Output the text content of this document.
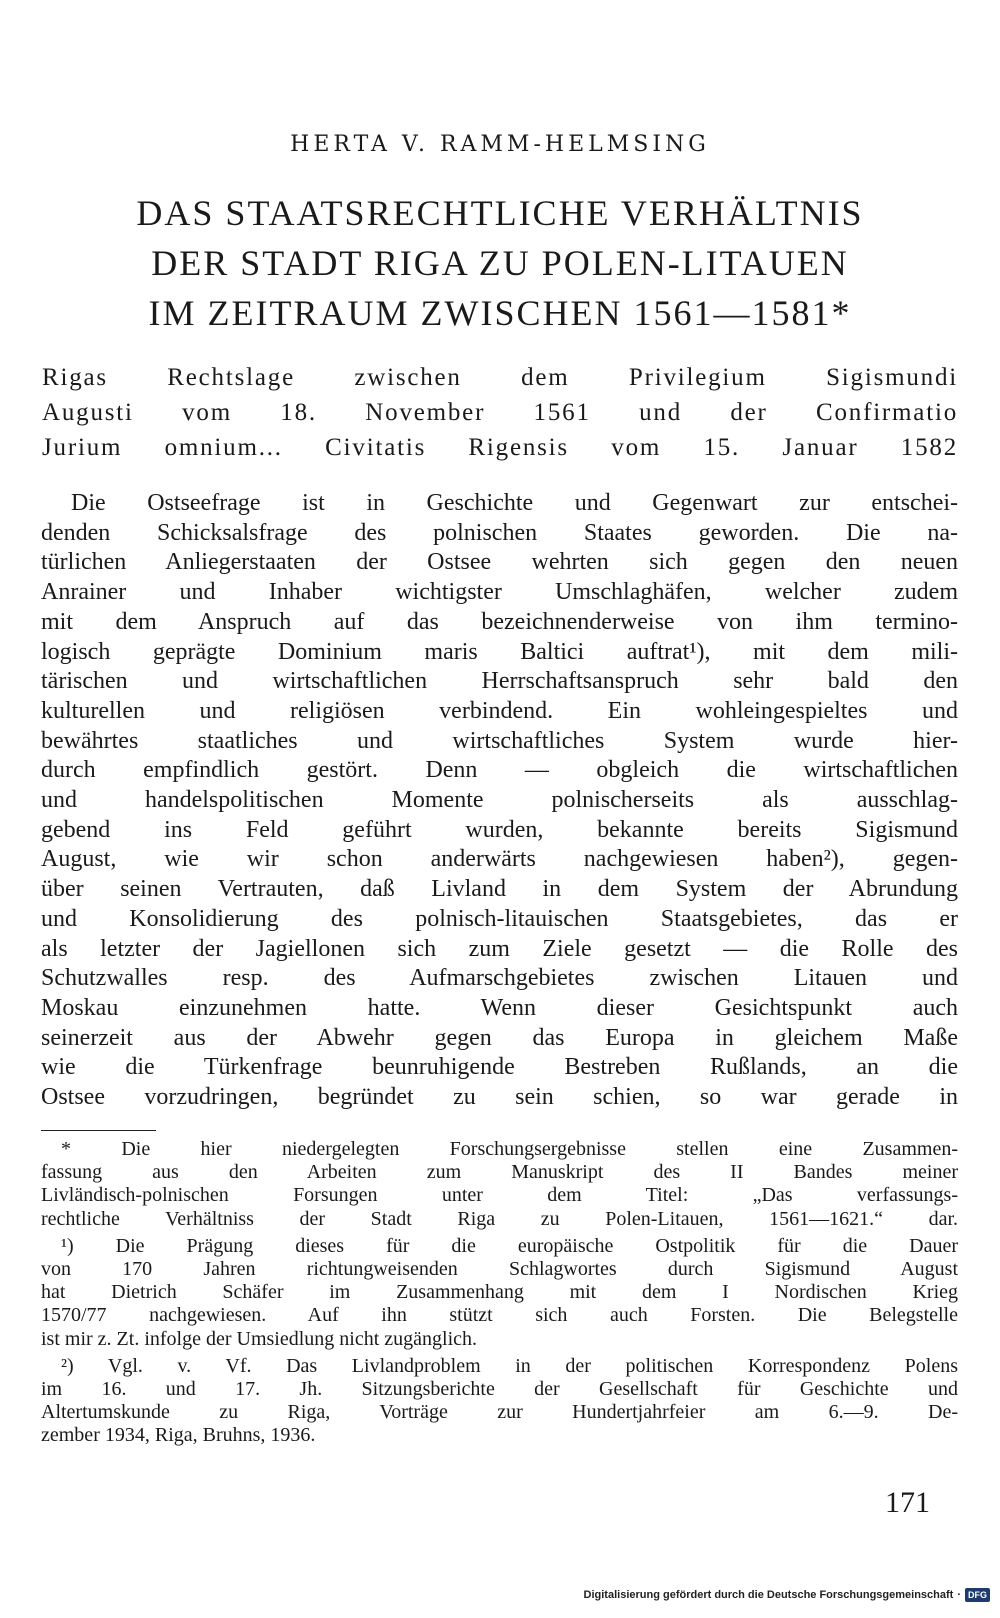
HERTA V. RAMM-HELMSING

DAS STAATSRECHTLICHE VERHÄLTNIS
DER STADT RIGA ZU POLEN-LITAUEN
IM ZEITRAUM ZWISCHEN 1561—1581*
Rigas Rechtslage zwischen dem Privilegium Sigismundi
Augusti vom 18. November 1561 und der Confirmatio
Jurium omnium... Civitatis Rigensis vom 15. Januar 1582
Die Ostseefrage ist in Geschichte und Gegenwart zur entschei-
denden Schicksalsfrage des polnischen Staates geworden. Die na-
türlichen Anliegerstaaten der Ostsee wehrten sich gegen den neuen
Anrainer und Inhaber wichtigster Umschlaghäfen, welcher zudem
mit dem Anspruch auf das bezeichnenderweise von ihm termino-
logisch geprägte Dominium maris Baltici auftrat¹), mit dem mili-
tärischen und wirtschaftlichen Herrschaftsanspruch sehr bald den
kulturellen und religiösen verbindend. Ein wohleingespieltes und
bewährtes staatliches und wirtschaftliches System wurde hier-
durch empfindlich gestört. Denn — obgleich die wirtschaftlichen
und handelspolitischen Momente polnischerseits als ausschlag-
gebend ins Feld geführt wurden, bekannte bereits Sigismund
August, wie wir schon anderwärts nachgewiesen haben²), gegen-
über seinen Vertrauten, daß Livland in dem System der Abrundung
und Konsolidierung des polnisch-litauischen Staatsgebietes, das er
als letzter der Jagiellonen sich zum Ziele gesetzt — die Rolle des
Schutzwalles resp. des Aufmarschgebietes zwischen Litauen und
Moskau einzunehmen hatte. Wenn dieser Gesichtspunkt auch
seinerzeit aus der Abwehr gegen das Europa in gleichem Maße
wie die Türkenfrage beunruhigende Bestreben Rußlands, an die
Ostsee vorzudringen, begründet zu sein schien, so war gerade in
* Die hier niedergelegten Forschungsergebnisse stellen eine Zusammen-
fassung aus den Arbeiten zum Manuskript des II Bandes meiner
Livländisch-polnischen Forsungen unter dem Titel: „Das verfassungs-
rechtliche Verhältniss der Stadt Riga zu Polen-Litauen, 1561—1621.“ dar.
¹) Die Prägung dieses für die europäische Ostpolitik für die Dauer
von 170 Jahren richtungweisenden Schlagwortes durch Sigismund August
hat Dietrich Schäfer im Zusammenhang mit dem I Nordischen Krieg
1570/77 nachgewiesen. Auf ihn stützt sich auch Forsten. Die Belegstelle
ist mir z. Zt. infolge der Umsiedlung nicht zugänglich.
²) Vgl. v. Vf. Das Livlandproblem in der politischen Korrespondenz Polens
im 16. und 17. Jh. Sitzungsberichte der Gesellschaft für Geschichte und
Altertumskunde zu Riga, Vorträge zur Hundertjahrfeier am 6.—9. De-
zember 1934, Riga, Bruhns, 1936.

171

Digitalisierung gefördert durch die Deutsche Forschungsgemeinschaft · DFG
